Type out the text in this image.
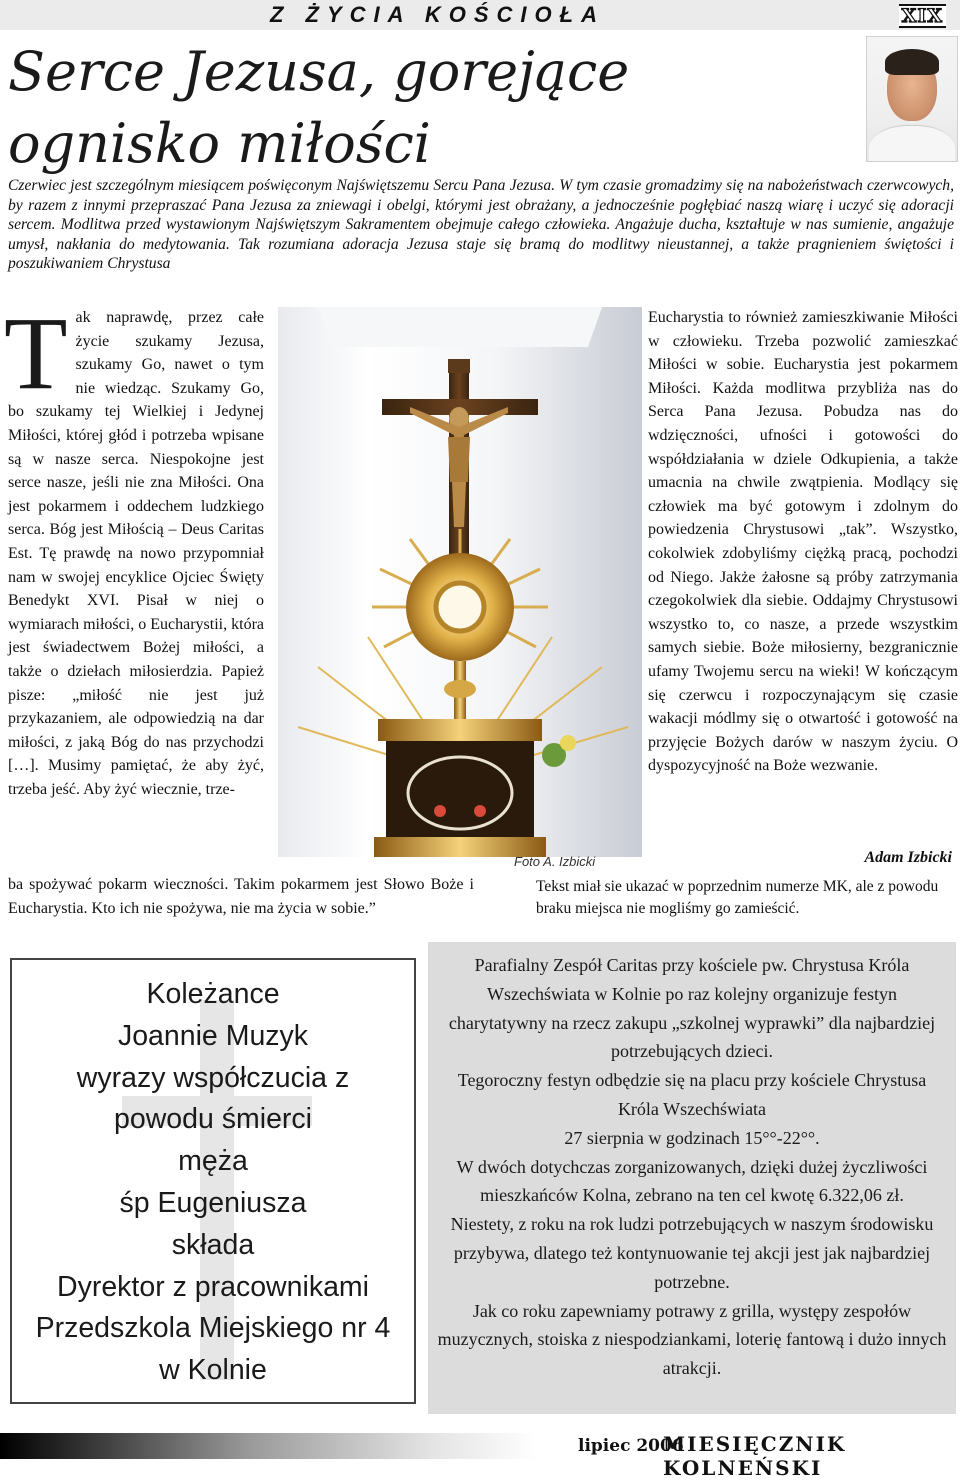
Z ŻYCIA KOŚCIOŁA	XIX
Serce Jezusa, gorejące ognisko miłości
Czerwiec jest szczególnym miesiącem poświęconym Najświętszemu Sercu Pana Jezusa. W tym czasie gromadzimy się na nabożeństwach czerwcowych, by razem z innymi przepraszać Pana Jezusa za zniewagi i obelgi, którymi jest obrażany, a jednocześnie pogłębiać naszą wiarę i uczyć się adoracji sercem. Modlitwa przed wystawionym Najświętszym Sakramentem obejmuje całego człowieka. Angażuje ducha, kształtuje w nas sumienie, angażuje umysł, nakłania do medytowania. Tak rozumiana adoracja Jezusa staje się bramą do modlitwy nieustannej, a także pragnieniem świętości i poszukiwaniem Chrystusa
Tak naprawdę, przez całe życie szukamy Jezusa, szukamy Go, nawet o tym nie wiedząc. Szukamy Go, bo szukamy tej Wielkiej i Jedynej Miłości, której głód i potrzeba wpisane są w nasze serca. Niespokojne jest serce nasze, jeśli nie zna Miłości. Ona jest pokarmem i oddechem ludzkiego serca. Bóg jest Miłością – Deus Caritas Est. Tę prawdę na nowo przypomniał nam w swojej encyklice Ojciec Święty Benedykt XVI. Pisał w niej o wymiarach miłości, o Eucharystii, która jest świadectwem Bożej miłości, a także o dziełach miłosierdzia. Papież pisze: „miłość nie jest już przykazaniem, ale odpowiedzią na dar miłości, z jaką Bóg do nas przychodzi […]. Musimy pamiętać, że aby żyć, trzeba jeść. Aby żyć wiecznie, trze-
Eucharystia to również zamieszkiwanie Miłości w człowieku. Trzeba pozwolić zamieszkać Miłości w sobie. Eucharystia jest pokarmem Miłości. Każda modlitwa przybliża nas do Serca Pana Jezusa. Pobudza nas do wdzięczności, ufności i gotowości do współdziałania w dziele Odkupienia, a także umacnia na chwile zwątpienia. Modlący się człowiek ma być gotowym i zdolnym do powiedzenia Chrystusowi „tak”. Wszystko, cokolwiek zdobyliśmy ciężką pracą, pochodzi od Niego. Jakże żałosne są próby zatrzymania czegokolwiek dla siebie. Oddajmy Chrystusowi wszystko to, co nasze, a przede wszystkim samych siebie. Boże miłosierny, bezgranicznie ufamy Twojemu sercu na wieki! W kończącym się czerwcu i rozpoczynającym się czasie wakacji módlmy się o otwartość i gotowość na przyjęcie Bożych darów w naszym życiu. O dyspozycyjność na Boże wezwanie.
Foto A. Izbicki	Adam Izbicki
ba spożywać pokarm wieczności. Takim pokarmem jest Słowo Boże i Eucharystia. Kto ich nie spożywa, nie ma życia w sobie.”
Tekst miał sie ukazać w poprzednim numerze MK, ale z powodu braku miejsca nie mogliśmy go zamieścić.
Koleżance
Joannie Muzyk
wyrazy współczucia z
powodu śmierci
męża
śp Eugeniusza
składa
Dyrektor z pracownikami
Przedszkola Miejskiego nr 4
w Kolnie
Parafialny Zespół Caritas przy kościele pw. Chrystusa Króla Wszechświata w Kolnie po raz kolejny organizuje festyn charytatywny na rzecz zakupu „szkolnej wyprawki” dla najbardziej potrzebujących dzieci.
Tegoroczny festyn odbędzie się na placu przy kościele Chrystusa Króla Wszechświata
27 sierpnia w godzinach 15°°-22°°.
W dwóch dotychczas zorganizowanych, dzięki dużej życzliwości mieszkańców Kolna, zebrano na ten cel kwotę 6.322,06 zł.
Niestety, z roku na rok ludzi potrzebujących w naszym środowisku przybywa, dlatego też kontynuowanie tej akcji jest jak najbardziej potrzebne.
Jak co roku zapewniamy potrawy z grilla, występy zespołów muzycznych, stoiska z niespodziankami, loterię fantową i dużo innych atrakcji.
lipiec 2006
MIESIĘCZNIK KOLNEŃSKI
